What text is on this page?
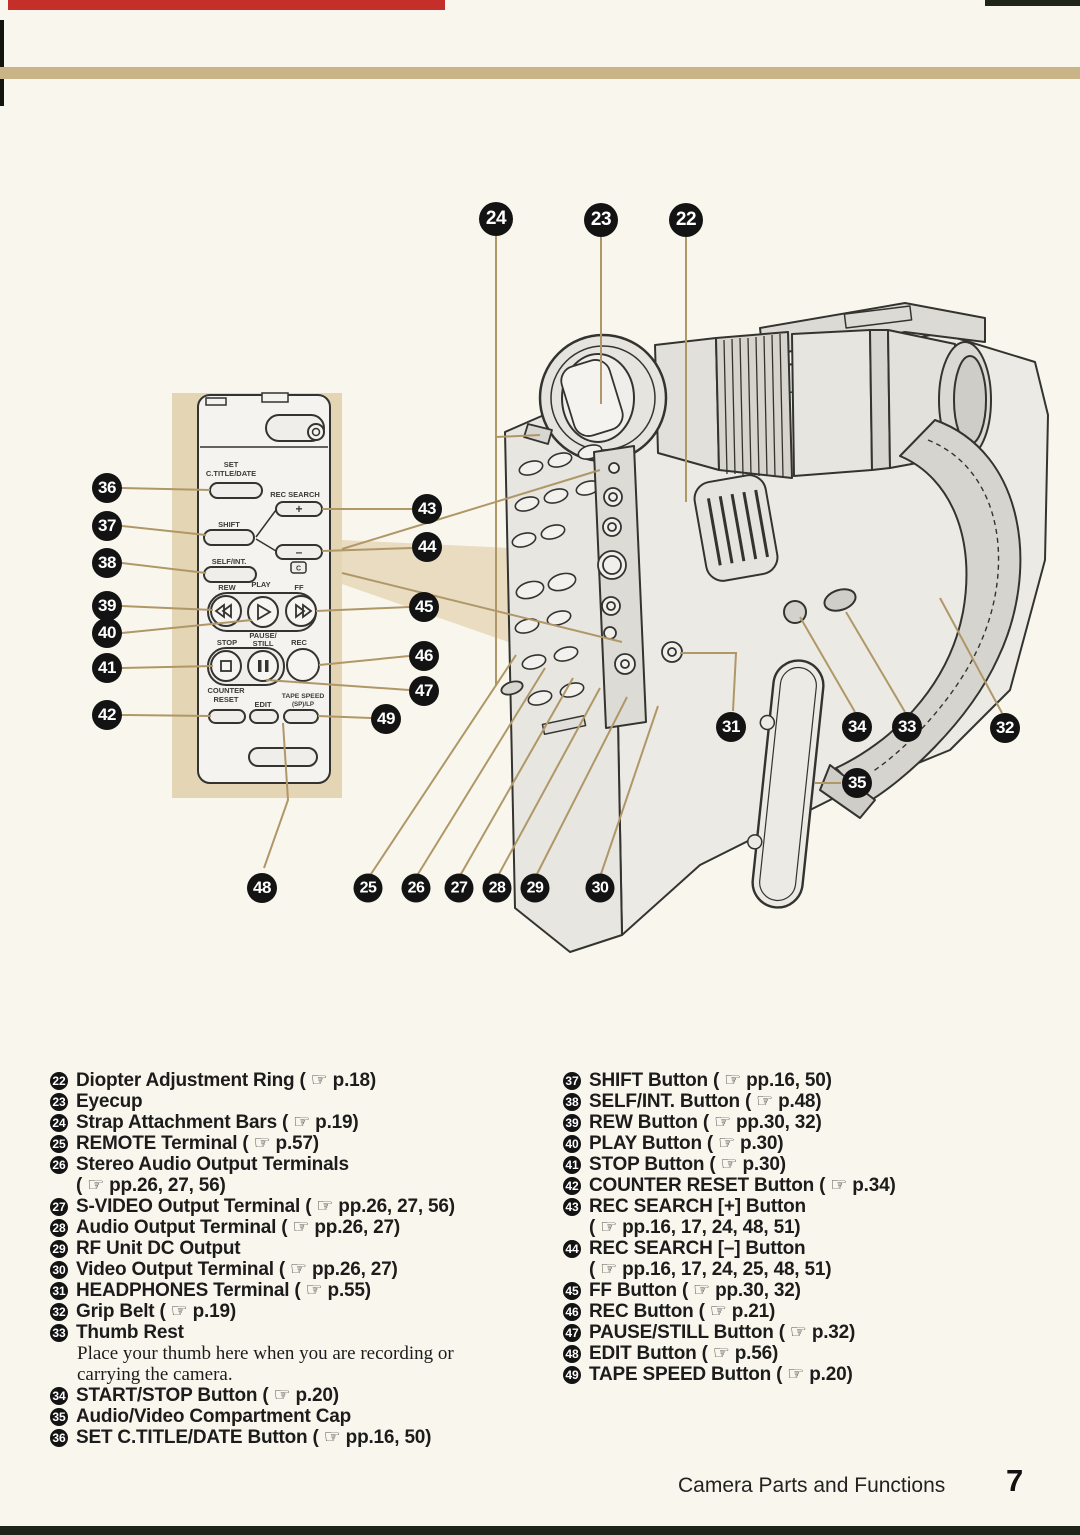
SET
C.TITLE/DATE
REC SEARCH
+
SHIFT
–
C
SELF/INT.
REW PLAY	FF
STOP
PAUSE/
STILL REC
COUNTER
RESET
EDIT
TAPE SPEED
(SP)/LP
22 Diopter Adjustment Ring ( ☞ p.18)
23 Eyecup
24 Strap Attachment Bars ( ☞ p.19)
25 REMOTE Terminal ( ☞ p.57)
26 Stereo Audio Output Terminals
( ☞ pp.26, 27, 56)
27 S-VIDEO Output Terminal ( ☞ pp.26, 27, 56)
28 Audio Output Terminal ( ☞ pp.26, 27)
29 RF Unit DC Output
30 Video Output Terminal ( ☞ pp.26, 27)
31 HEADPHONES Terminal ( ☞ p.55)
32 Grip Belt ( ☞ p.19)
33 Thumb Rest
Place your thumb here when you are recording or
carrying the camera.
34 START/STOP Button ( ☞ p.20)
35 Audio/Video Compartment Cap
36 SET C.TITLE/DATE Button ( ☞ pp.16, 50)
37 SHIFT Button ( ☞ pp.16, 50)
38 SELF/INT. Button ( ☞ p.48)
39 REW Button ( ☞ pp.30, 32)
40 PLAY Button ( ☞ p.30)
41 STOP Button ( ☞ p.30)
42 COUNTER RESET Button ( ☞ p.34)
43 REC SEARCH [+] Button
( ☞ pp.16, 17, 24, 48, 51)
44 REC SEARCH [–] Button
( ☞ pp.16, 17, 24, 25, 48, 51)
45 FF Button ( ☞ pp.30, 32)
46 REC Button ( ☞ p.21)
47 PAUSE/STILL Button ( ☞ p.32)
48 EDIT Button ( ☞ p.56)
49 TAPE SPEED Button ( ☞ p.20)
Camera Parts and Functions 7
22
23
24
36
37
38
39
40
41
42
43
44
45
46
47
49
48	25	26	27	28	29	30
31	34	33	32
35
